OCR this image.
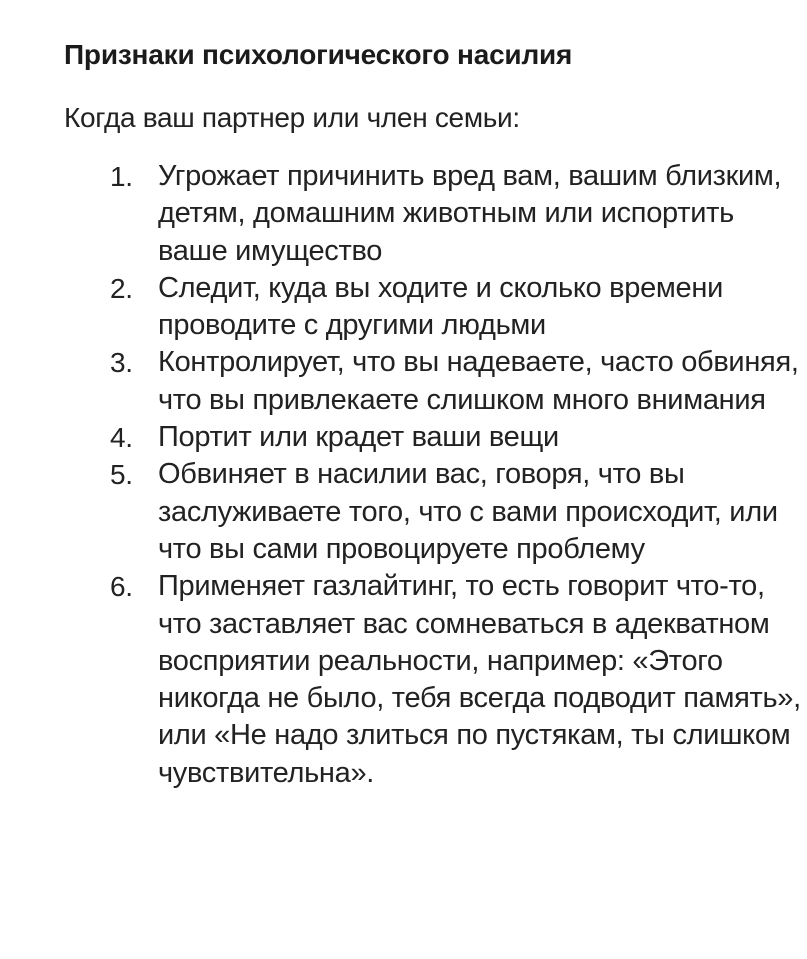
Признаки психологического насилия
Когда ваш партнер или член семьи:
1. Угрожает причинить вред вам, вашим близким, детям, домашним животным или испортить ваше имущество
2. Следит, куда вы ходите и сколько времени проводите с другими людьми
3. Контролирует, что вы надеваете, часто обвиняя, что вы привлекаете слишком много внимания
4. Портит или крадет ваши вещи
5. Обвиняет в насилии вас, говоря, что вы заслуживаете того, что с вами происходит, или что вы сами провоцируете проблему
6. Применяет газлайтинг, то есть говорит что-то, что заставляет вас сомневаться в адекватном восприятии реальности, например: «Этого никогда не было, тебя всегда подводит память», или «Не надо злиться по пустякам, ты слишком чувствительна».
